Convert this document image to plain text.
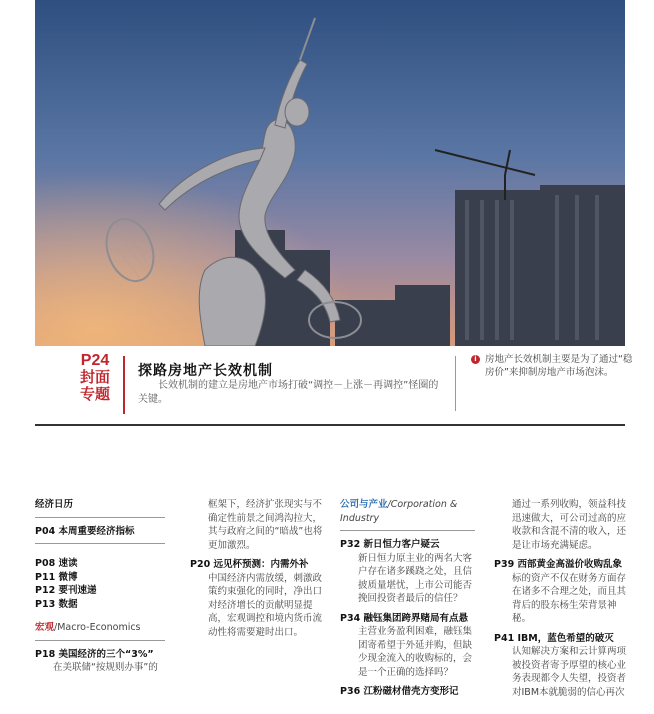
P24
封面
专题
探路房地产长效机制
长效机制的建立是房地产市场打破“调控－上涨－再调控”怪圈的关键。
i 房地产长效机制主要是为了通过“稳房价”来抑制房地产市场泡沫。
经济日历
P04 本周重要经济指标
P08 速读
P11 微博
P12 要刊速递
P13 数据
宏观/Macro-Economics
P18 美国经济的三个“3%”
在美联储“按规则办事”的
框架下，经济扩张现实与不确定性前景之间鸿沟拉大，其与政府之间的“暗战”也将更加激烈。
P20 远见杯预测：内需外补
中国经济内需放缓，刺激政策约束强化的同时，净出口对经济增长的贡献明显提高，宏观调控和境内货币流动性将需要避时出口。
公司与产业/Corporation & Industry
P32 新日恒力客户疑云
新日恒力原主业的两名大客户存在诸多蹊跷之处，且信披质量堪忧，上市公司能否挽回投资者最后的信任？
P34 融钰集团跨界赌局有点悬
主营业务盈利困难，融钰集团寄希望于外延并购，但缺少现金流入的收购标的，会是一个正确的选择吗？
P36 江粉磁材借壳方变形记
通过一系列收购，领益科技迅速做大，可公司过高的应收款和含混不清的收入，还是让市场充满疑虑。
P39 西部黄金高溢价收购乱象
标的资产不仅在财务方面存在诸多不合理之处，而且其背后的股东杨生荣背景神秘。
P41 IBM，蓝色希望的破灭
认知解决方案和云计算两项被投资者寄予厚望的核心业务表现都令人失望，投资者对IBM本就脆弱的信心再次
